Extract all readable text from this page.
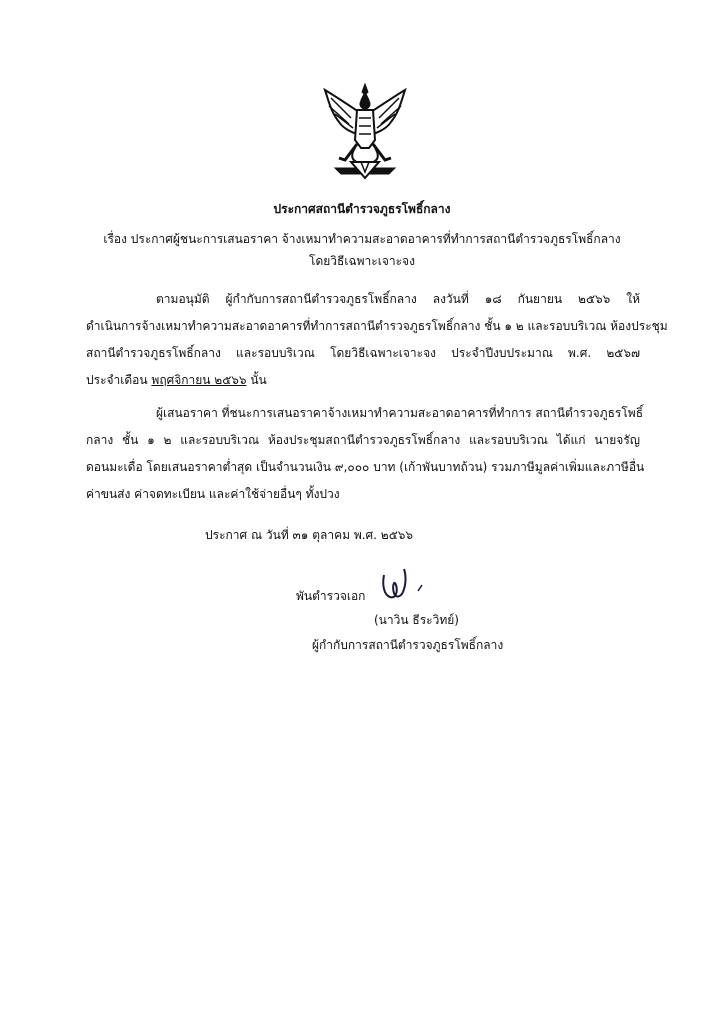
ประกาศสถานีตำรวจภูธรโพธิ์กลาง
เรื่อง ประกาศผู้ชนะการเสนอราคา จ้างเหมาทำความสะอาดอาคารที่ทำการสถานีตำรวจภูธรโพธิ์กลาง
โดยวิธีเฉพาะเจาะจง
ตามอนุมัติ ผู้กำกับการสถานีตำรวจภูธรโพธิ์กลาง ลงวันที่ ๑๘ กันยายน ๒๕๖๖ ให้
ดำเนินการจ้างเหมาทำความสะอาดอาคารที่ทำการสถานีตำรวจภูธรโพธิ์กลาง ชั้น ๑ ๒ และรอบบริเวณ ห้องประชุม
สถานีตำรวจภูธรโพธิ์กลาง และรอบบริเวณ โดยวิธีเฉพาะเจาะจง ประจำปีงบประมาณ พ.ศ. ๒๕๖๗
ประจำเดือน พฤศจิกายน ๒๕๖๖ นั้น
ผู้เสนอราคา ที่ชนะการเสนอราคาจ้างเหมาทำความสะอาดอาคารที่ทำการ สถานีตำรวจภูธรโพธิ์
กลาง ชั้น ๑ ๒ และรอบบริเวณ ห้องประชุมสถานีตำรวจภูธรโพธิ์กลาง และรอบบริเวณ ได้แก่ นายจรัญ
ดอนมะเดื่อ โดยเสนอราคาต่ำสุด เป็นจำนวนเงิน ๙,๐๐๐ บาท (เก้าพันบาทถ้วน) รวมภาษีมูลค่าเพิ่มและภาษีอื่น
ค่าขนส่ง ค่าจดทะเบียน และค่าใช้จ่ายอื่นๆ ทั้งปวง
ประกาศ ณ วันที่ ๓๑ ตุลาคม พ.ศ. ๒๕๖๖
พันตำรวจเอก
(นาวิน ธีระวิทย์)
ผู้กำกับการสถานีตำรวจภูธรโพธิ์กลาง
